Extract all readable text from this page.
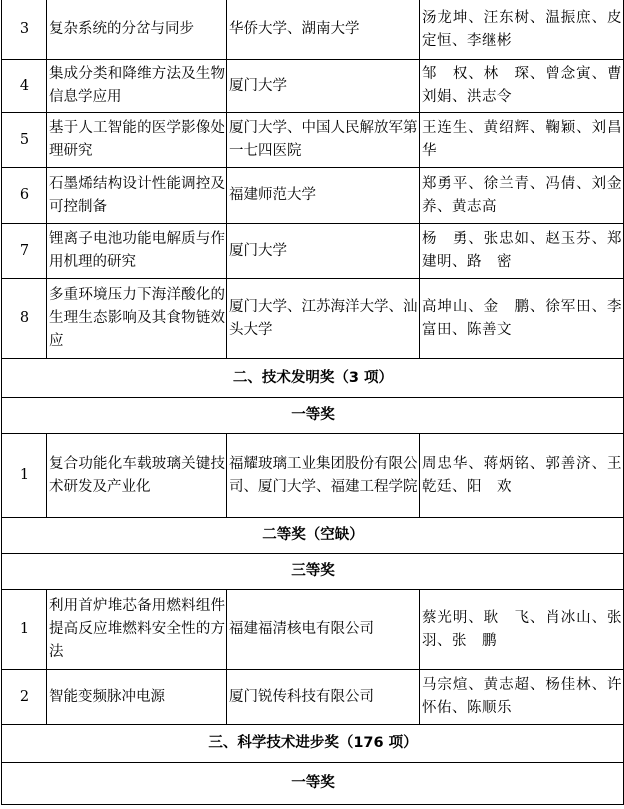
3	复杂系统的分岔与同步	华侨大学、湖南大学	汤龙坤、汪东树、温振庶、皮定恒、李继彬
4	集成分类和降维方法及生物信息学应用	厦门大学	邹　权、林　琛、曾念寅、曹刘娟、洪志令
5	基于人工智能的医学影像处理研究	厦门大学、中国人民解放军第一七四医院	王连生、黄绍辉、鞠颖、刘昌华
6	石墨烯结构设计性能调控及可控制备	福建师范大学	郑勇平、徐兰青、冯倩、刘金养、黄志高
7	锂离子电池功能电解质与作用机理的研究	厦门大学	杨　勇、张忠如、赵玉芬、郑建明、路　密
8	多重环境压力下海洋酸化的生理生态影响及其食物链效应	厦门大学、江苏海洋大学、汕头大学	高坤山、金　鹏、徐军田、李富田、陈善文
二、技术发明奖（3 项）			
一等奖			
1	复合功能化车载玻璃关键技术研发及产业化	福耀玻璃工业集团股份有限公司、厦门大学、福建工程学院	周忠华、蒋炳铭、郭善济、王乾廷、阳　欢
二等奖（空缺）			
三等奖			
1	利用首炉堆芯备用燃料组件提高反应堆燃料安全性的方法	福建福清核电有限公司	蔡光明、耿　飞、肖冰山、张　羽、张　鹏
2	智能变频脉冲电源	厦门锐传科技有限公司	马宗煊、黄志超、杨佳林、许怀佑、陈顺乐
三、科学技术进步奖（176 项）			
一等奖			
